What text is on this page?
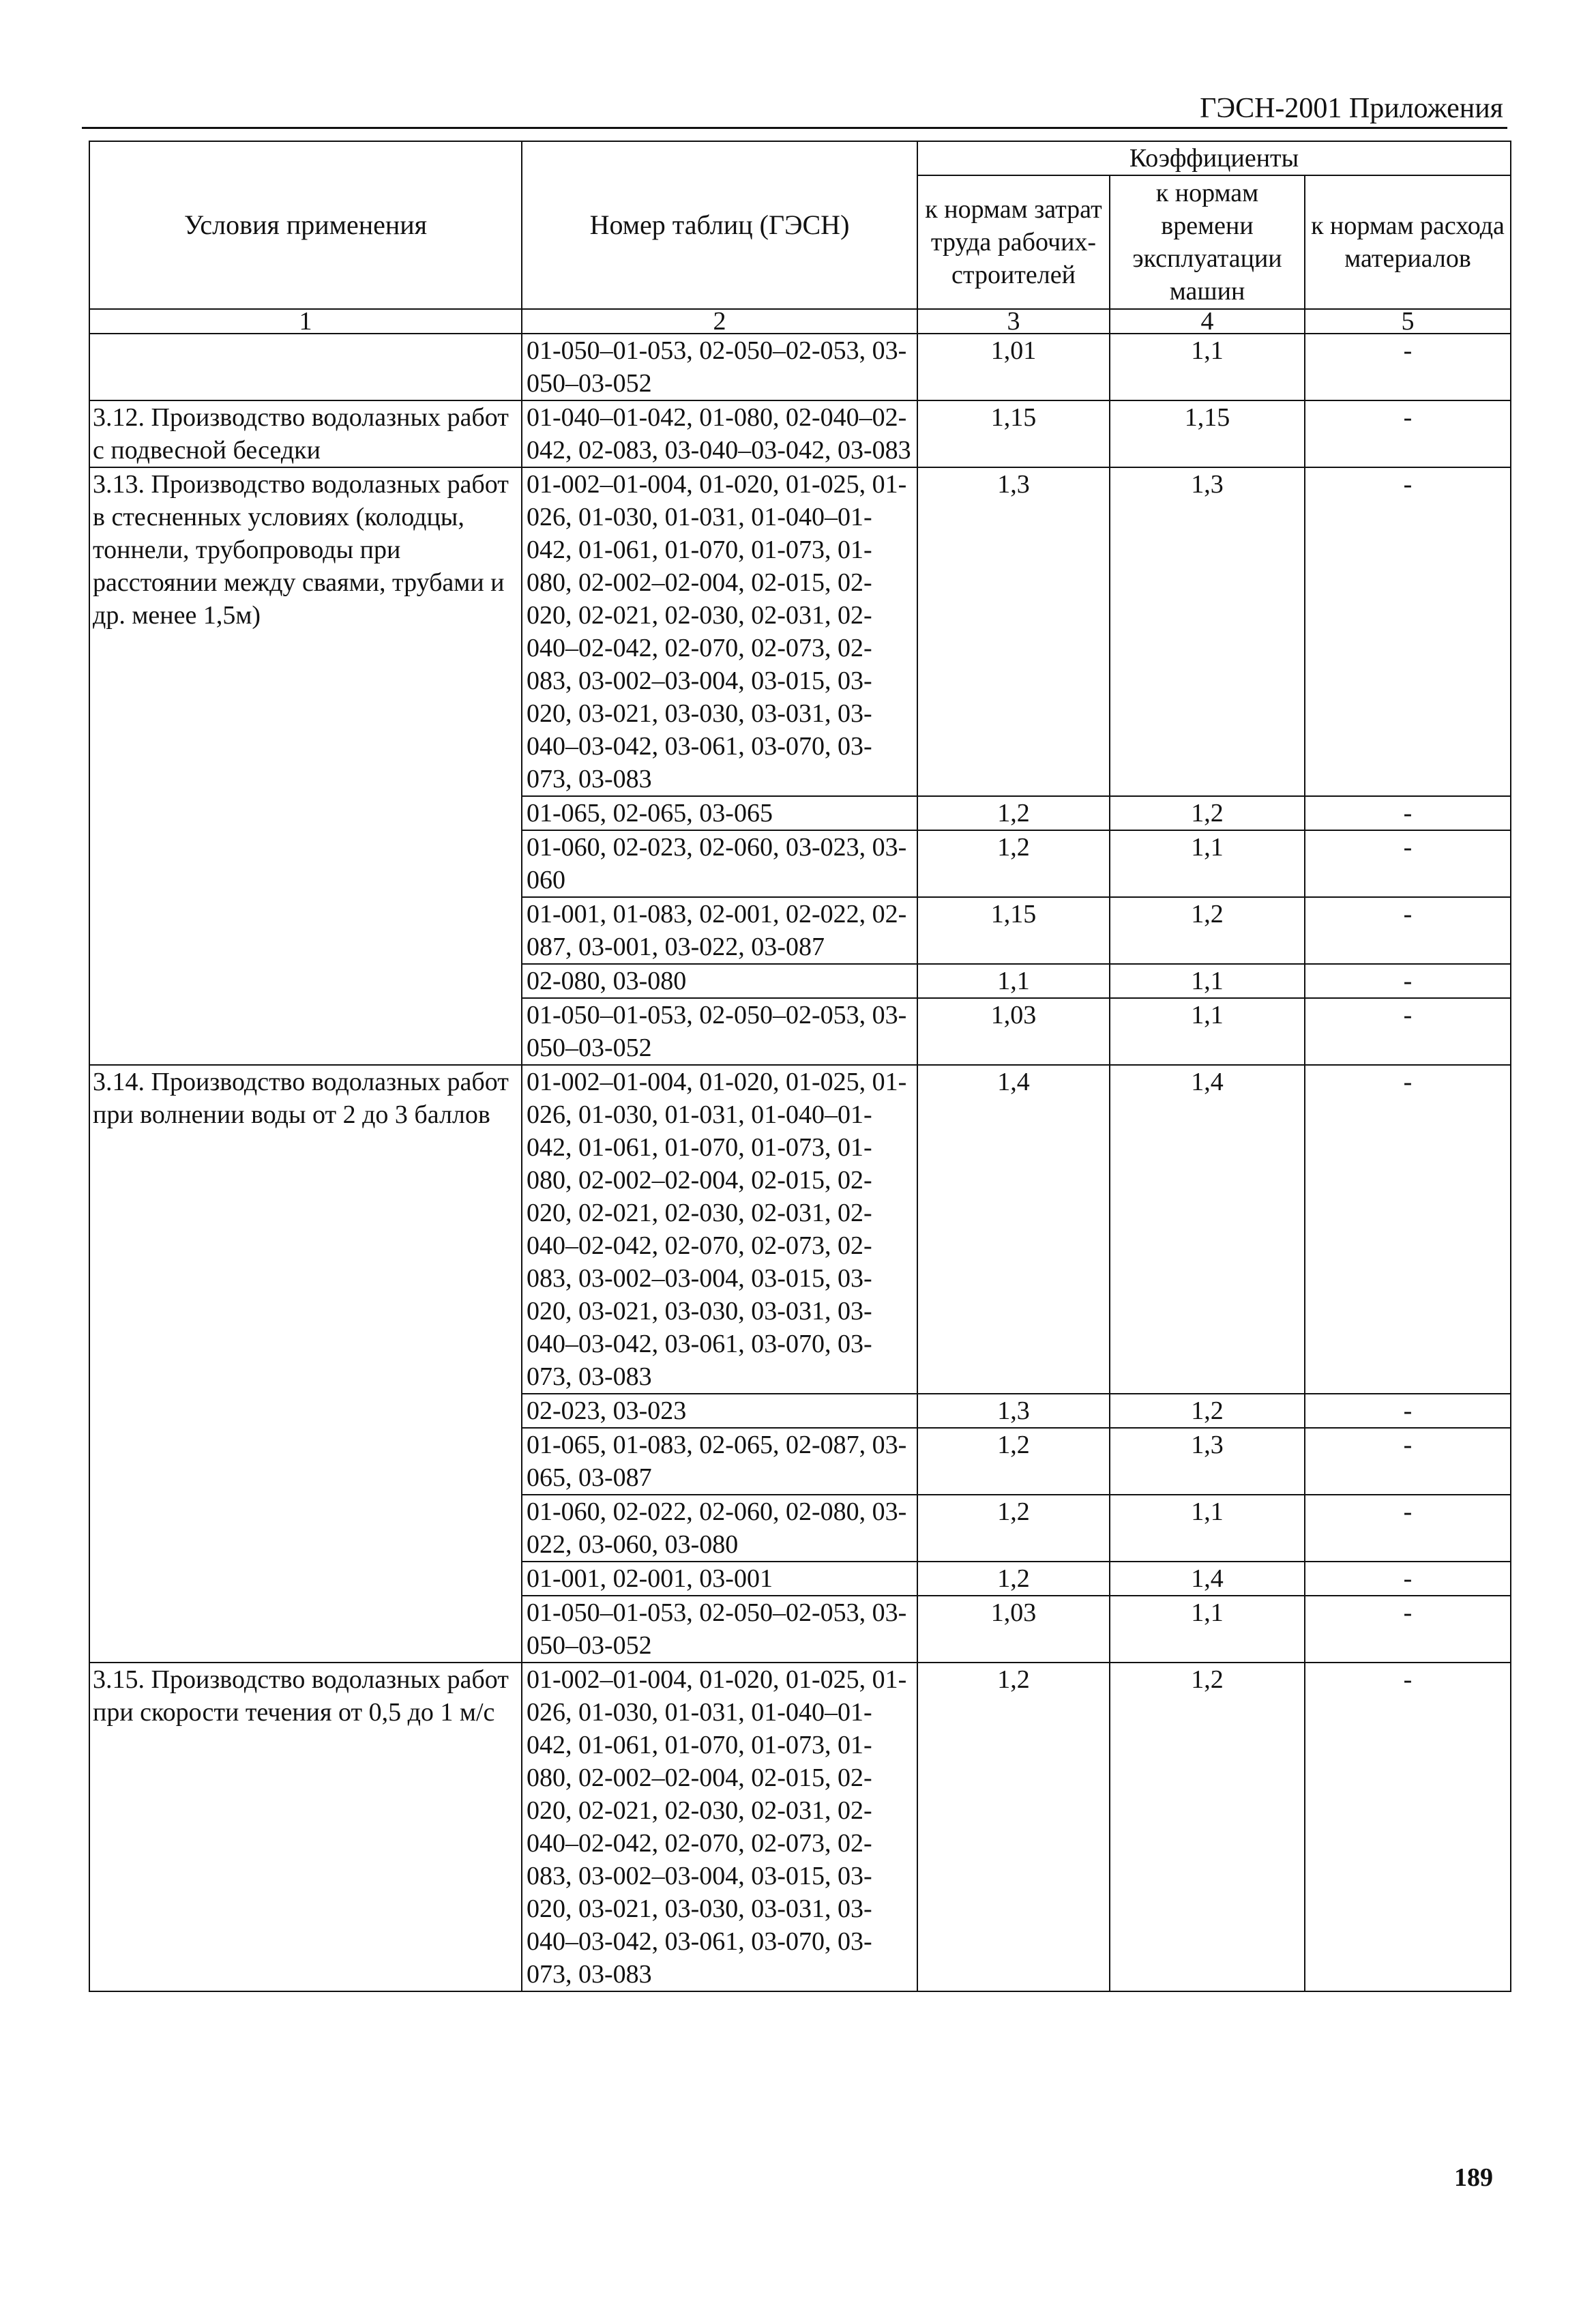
ГЭСН-2001 Приложения
Условия применения	Номер таблиц (ГЭСН)	Коэффициенты		
		к нормам затрат труда рабочих-строителей	к нормам времени эксплуатации машин	к нормам расхода материалов
1	2	3	4	5
	01-050–01-053, 02-050–02-053, 03-050–03-052	1,01	1,1	-
3.12. Производство водолазных работ с подвесной беседки	01-040–01-042, 01-080, 02-040–02-042, 02-083, 03-040–03-042, 03-083	1,15	1,15	-
3.13. Производство водолазных работ в стесненных условиях (колодцы, тоннели, трубопроводы при расстоянии между сваями, трубами и др. менее 1,5м)	01-002–01-004, 01-020, 01-025, 01-026, 01-030, 01-031, 01-040–01-042, 01-061, 01-070, 01-073, 01-080, 02-002–02-004, 02-015, 02-020, 02-021, 02-030, 02-031, 02-040–02-042, 02-070, 02-073, 02-083, 03-002–03-004, 03-015, 03-020, 03-021, 03-030, 03-031, 03-040–03-042, 03-061, 03-070, 03-073, 03-083	1,3	1,3	-
	01-065, 02-065, 03-065	1,2	1,2	-
	01-060, 02-023, 02-060, 03-023, 03-060	1,2	1,1	-
	01-001, 01-083, 02-001, 02-022, 02-087, 03-001, 03-022, 03-087	1,15	1,2	-
	02-080, 03-080	1,1	1,1	-
	01-050–01-053, 02-050–02-053, 03-050–03-052	1,03	1,1	-
3.14. Производство водолазных работ при волнении воды от 2 до 3 баллов	01-002–01-004, 01-020, 01-025, 01-026, 01-030, 01-031, 01-040–01-042, 01-061, 01-070, 01-073, 01-080, 02-002–02-004, 02-015, 02-020, 02-021, 02-030, 02-031, 02-040–02-042, 02-070, 02-073, 02-083, 03-002–03-004, 03-015, 03-020, 03-021, 03-030, 03-031, 03-040–03-042, 03-061, 03-070, 03-073, 03-083	1,4	1,4	-
	02-023, 03-023	1,3	1,2	-
	01-065, 01-083, 02-065, 02-087, 03-065, 03-087	1,2	1,3	-
	01-060, 02-022, 02-060, 02-080, 03-022, 03-060, 03-080	1,2	1,1	-
	01-001, 02-001, 03-001	1,2	1,4	-
	01-050–01-053, 02-050–02-053, 03-050–03-052	1,03	1,1	-
3.15. Производство водолазных работ при скорости течения от 0,5 до 1 м/с	01-002–01-004, 01-020, 01-025, 01-026, 01-030, 01-031, 01-040–01-042, 01-061, 01-070, 01-073, 01-080, 02-002–02-004, 02-015, 02-020, 02-021, 02-030, 02-031, 02-040–02-042, 02-070, 02-073, 02-083, 03-002–03-004, 03-015, 03-020, 03-021, 03-030, 03-031, 03-040–03-042, 03-061, 03-070, 03-073, 03-083	1,2	1,2	-
189
